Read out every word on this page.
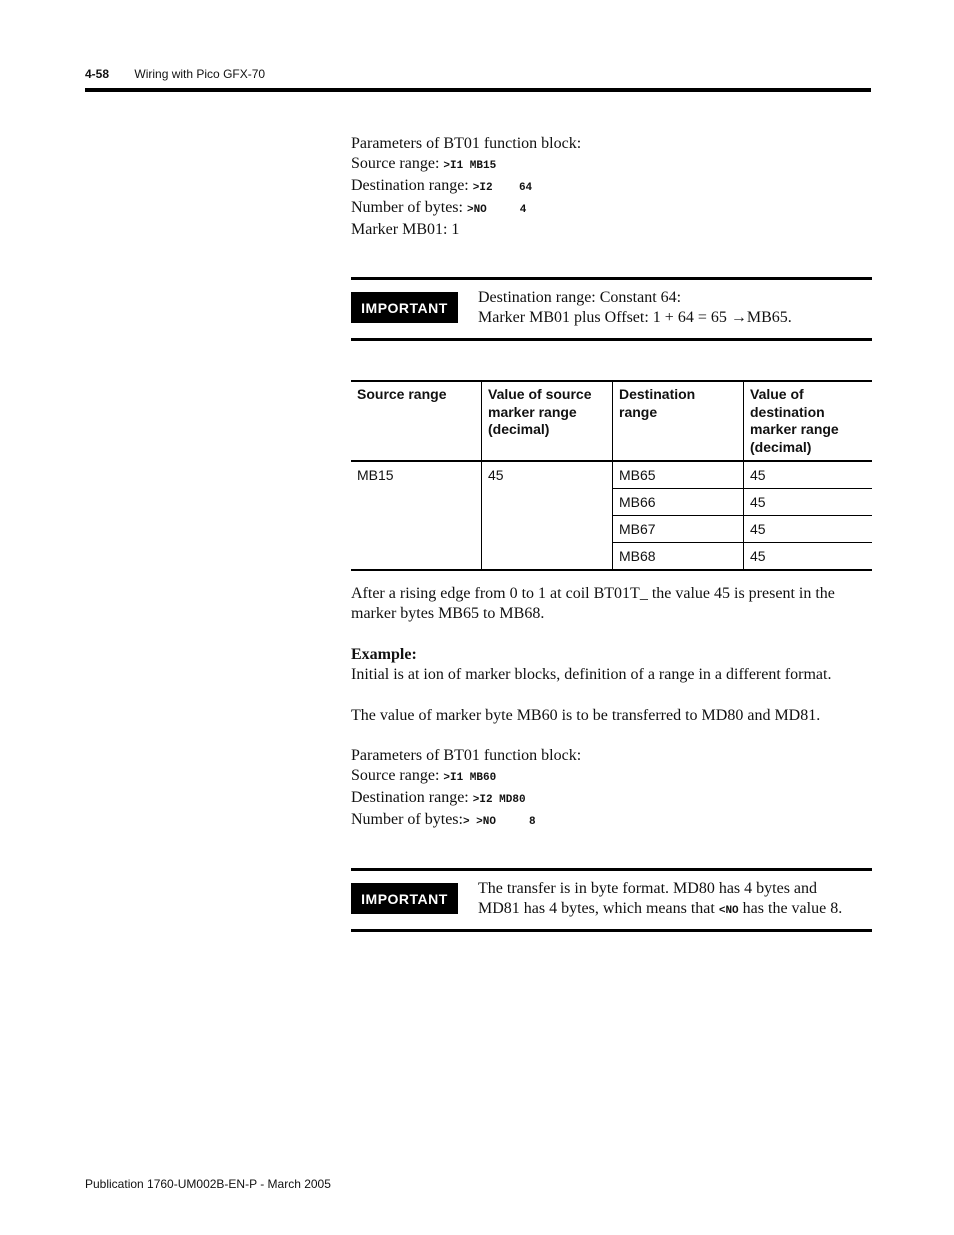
4-58 Wiring with Pico GFX-70
Parameters of BT01 function block:
Source range: >I1 MB15
Destination range: >I2    64
Number of bytes: >NO     4
Marker MB01: 1
IMPORTANT
Destination range: Constant 64:
Marker MB01 plus Offset: 1 + 64 = 65 →MB65.
Source range	Value of source marker range (decimal)	Destination range	Value of destination marker range (decimal)
MB15	45	MB65	45
		MB66	45
		MB67	45
		MB68	45
After a rising edge from 0 to 1 at coil BT01T_ the value 45 is present in the
marker bytes MB65 to MB68.
Example:
Initial is at ion of marker blocks, definition of a range in a different format.
The value of marker byte MB60 is to be transferred to MD80 and MD81.
Parameters of BT01 function block:
Source range: >I1 MB60
Destination range: >I2 MD80
Number of bytes:> >NO     8
IMPORTANT
The transfer is in byte format. MD80 has 4 bytes and
MD81 has 4 bytes, which means that <NO has the value 8.
Publication 1760-UM002B-EN-P - March 2005
